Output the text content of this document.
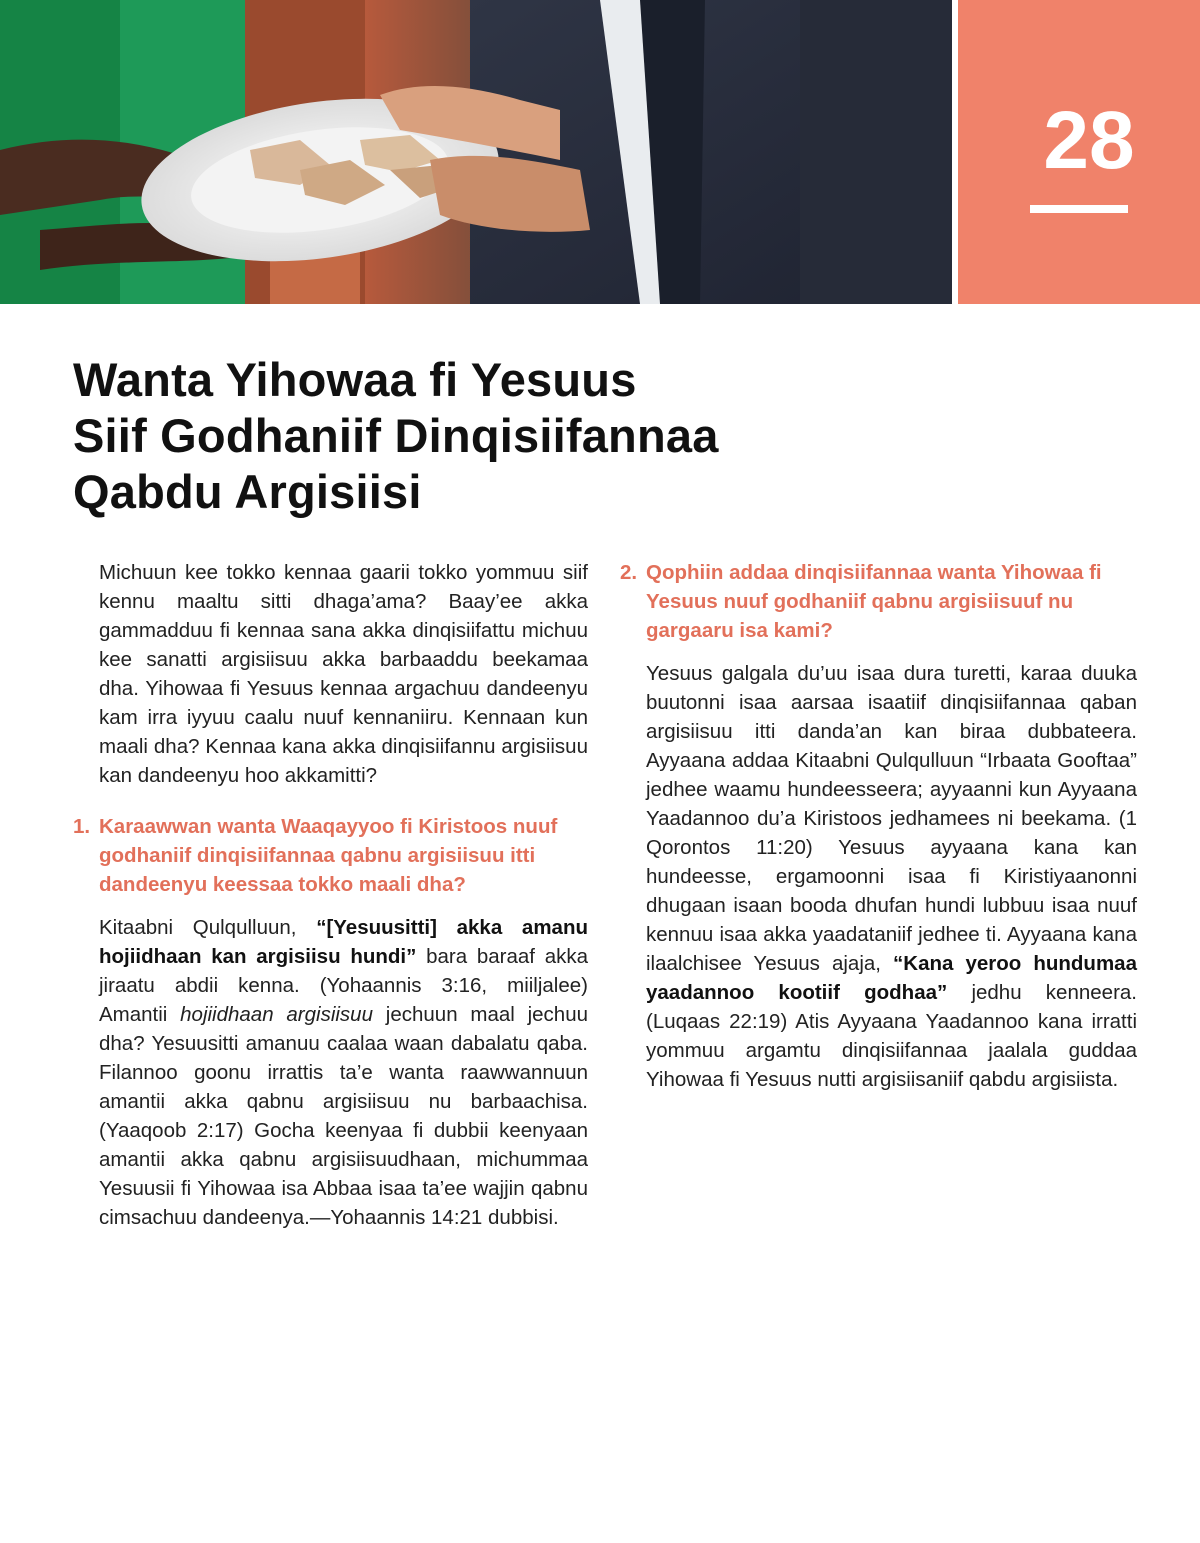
28
Wanta Yihowaa fi Yesuus
Siif Godhaniif Dinqisiifannaa
Qabdu Argisiisi

Michuun kee tokko kennaa gaarii tokko yommuu siif kennu maaltu sitti dhaga’ama? Baay’ee akka gammadduu fi kennaa sana akka dinqisiifattu michuu kee sanatti argisiisuu akka barbaaddu beekamaa dha. Yihowaa fi Yesuus kennaa argachuu dandeenyu kam irra iyyuu caalu nuuf kennaniiru. Kennaan kun maali dha? Kennaa kana akka dinqisiifannu argisiisuu kan dandeenyu hoo akkamitti?

1. Karaawwan wanta Waaqayyoo fi Kiristoos nuuf godhaniif dinqisiifannaa qabnu argisiisuu itti dandeenyu keessaa tokko maali dha?

Kitaabni Qulqulluun, “[Yesuusitti] akka amanu hojiidhaan kan argisiisu hundi” bara baraaf akka jiraatu abdii kenna. (Yohaannis 3:16, miiljalee) Amantii hojiidhaan argisiisuu jechuun maal jechuu dha? Yesuusitti amanuu caalaa waan dabalatu qaba. Filannoo goonu irrattis ta’e wanta raawwannuun amantii akka qabnu argisiisuu nu barbaachisa. (Yaaqoob 2:17) Gocha keenyaa fi dubbii keenyaan amantii akka qabnu argisiisuudhaan, michummaa Yesuusii fi Yihowaa isa Abbaa isaa ta’ee wajjin qabnu cimsachuu dandeenya.—Yohaannis 14:21 dubbisi.

2. Qophiin addaa dinqisiifannaa wanta Yihowaa fi Yesuus nuuf godhaniif qabnu argisiisuuf nu gargaaru isa kami?

Yesuus galgala du’uu isaa dura turetti, karaa duuka buutonni isaa aarsaa isaatiif dinqisiifannaa qaban argisiisuu itti danda’an kan biraa dubbateera. Ayyaana addaa Kitaabni Qulqulluun “Irbaata Gooftaa” jedhee waamu hundeesseera; ayyaanni kun Ayyaana Yaadannoo du’a Kiristoos jedhamees ni beekama. (1 Qorontos 11:20) Yesuus ayyaana kana kan hundeesse, ergamoonni isaa fi Kiristiyaanonni dhugaan isaan booda dhufan hundi lubbuu isaa nuuf kennuu isaa akka yaadataniif jedhee ti. Ayyaana kana ilaalchisee Yesuus ajaja, “Kana yeroo hundumaa yaadannoo kootiif godhaa” jedhu kenneera. (Luqaas 22:19) Atis Ayyaana Yaadannoo kana irratti yommuu argamtu dinqisiifannaa jaalala guddaa Yihowaa fi Yesuus nutti argisiisaniif qabdu argisiista.
